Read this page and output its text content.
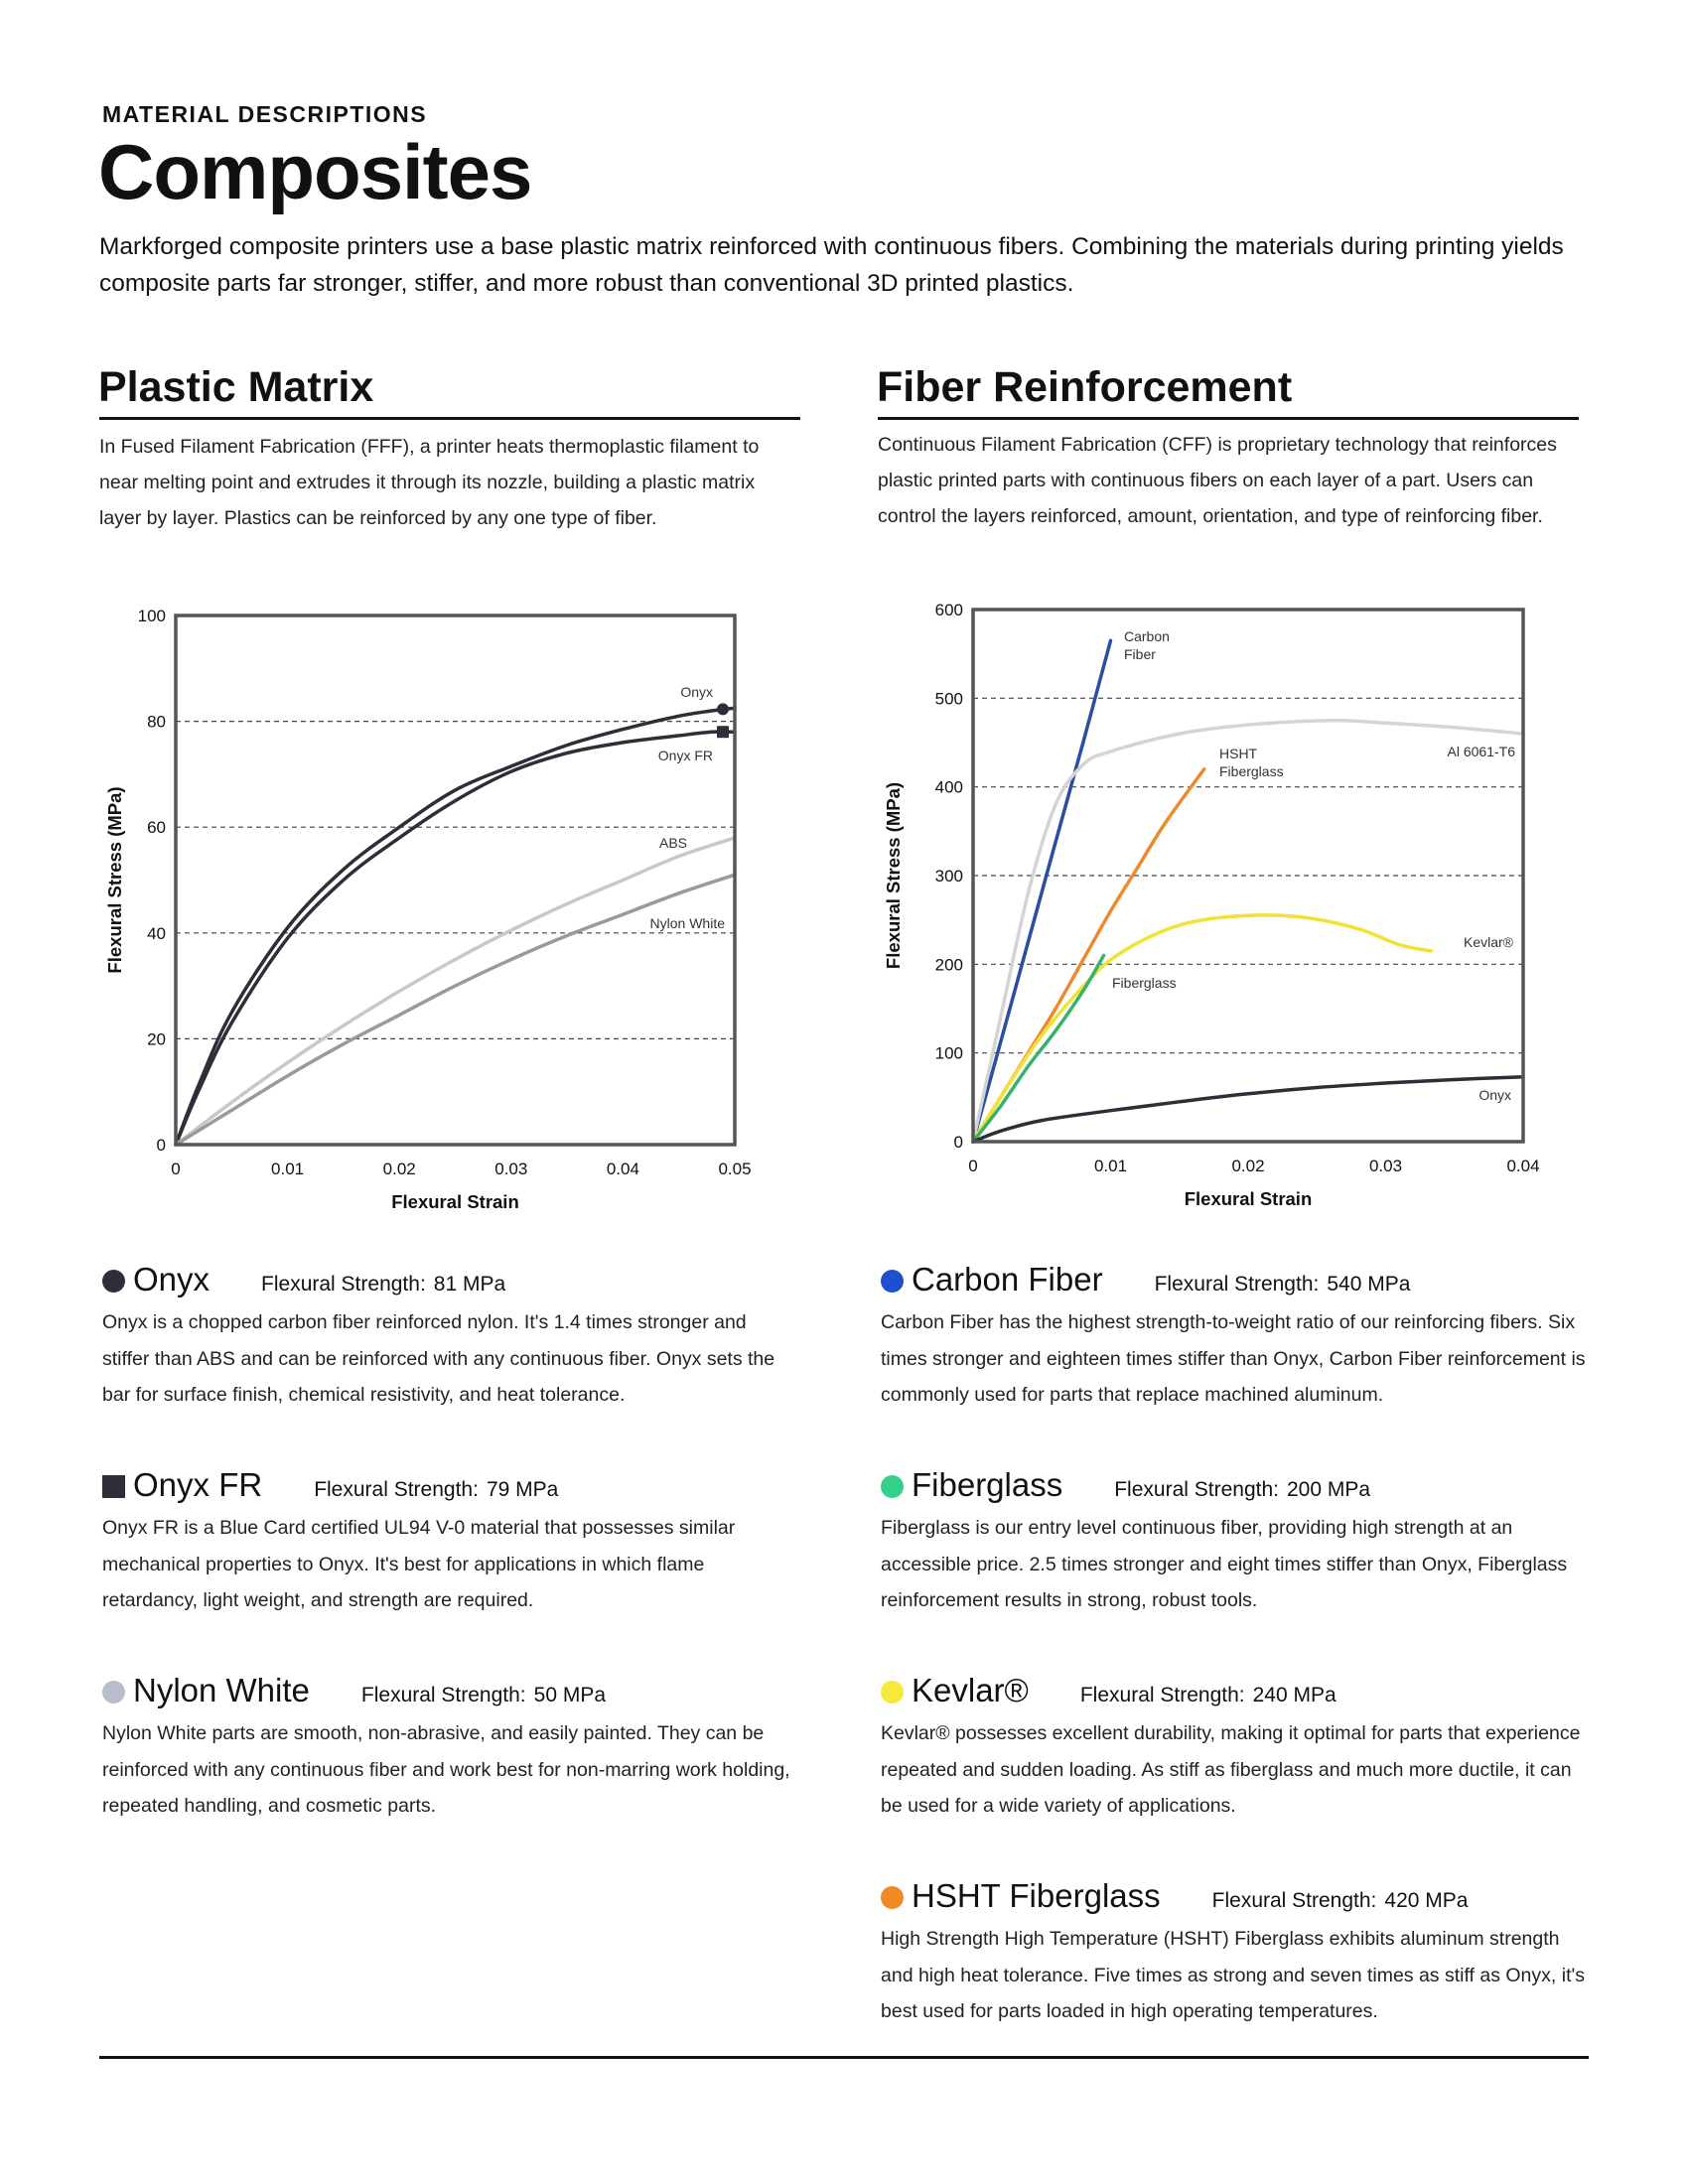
MATERIAL DESCRIPTIONS
Composites
Markforged composite printers use a base plastic matrix reinforced with continuous fibers. Combining the materials during printing yields composite parts far stronger, stiffer, and more robust than conventional 3D printed plastics.
Plastic Matrix
In Fused Filament Fabrication (FFF), a printer heats thermoplastic filament to near melting point and extrudes it through its nozzle, building a plastic matrix layer by layer. Plastics can be reinforced by any one type of fiber.
Fiber Reinforcement
Continuous Filament Fabrication (CFF) is proprietary technology that reinforces plastic printed parts with continuous fibers on each layer of a part. Users can control the layers reinforced, amount, orientation, and type of reinforcing fiber.
Onyx
Onyx FR
ABS
Nylon White
0
20
40
60
80
100
0	0.01	0.02	0.03	0.04	0.05
Flexural Strain
Flexural Stress (MPa)
Carbon
Fiber
Al 6061-T6
HSHT
Fiberglass
Kevlar®
Fiberglass
Onyx
0
100
200
300
400
500
600
0	0.01	0.02	0.03	0.04
Flexural Strain
Flexural Stress (MPa)
Onyx Flexural Strength: 81 MPa
Onyx is a chopped carbon fiber reinforced nylon. It's 1.4 times stronger and stiffer than ABS and can be reinforced with any continuous fiber. Onyx sets the bar for surface finish, chemical resistivity, and heat tolerance.
Onyx FR Flexural Strength: 79 MPa
Onyx FR is a Blue Card certified UL94 V-0 material that possesses similar mechanical properties to Onyx. It's best for applications in which flame retardancy, light weight, and strength are required.
Nylon White Flexural Strength: 50 MPa
Nylon White parts are smooth, non-abrasive, and easily painted. They can be reinforced with any continuous fiber and work best for non-marring work holding, repeated handling, and cosmetic parts.
Carbon Fiber Flexural Strength: 540 MPa
Carbon Fiber has the highest strength-to-weight ratio of our reinforcing fibers. Six times stronger and eighteen times stiffer than Onyx, Carbon Fiber reinforcement is commonly used for parts that replace machined aluminum.
Fiberglass Flexural Strength: 200 MPa
Fiberglass is our entry level continuous fiber, providing high strength at an accessible price. 2.5 times stronger and eight times stiffer than Onyx, Fiberglass reinforcement results in strong, robust tools.
Kevlar® Flexural Strength: 240 MPa
Kevlar® possesses excellent durability, making it optimal for parts that experience repeated and sudden loading. As stiff as fiberglass and much more ductile, it can be used for a wide variety of applications.
HSHT Fiberglass Flexural Strength: 420 MPa
High Strength High Temperature (HSHT) Fiberglass exhibits aluminum strength and high heat tolerance. Five times as strong and seven times as stiff as Onyx, it's best used for parts loaded in high operating temperatures.
